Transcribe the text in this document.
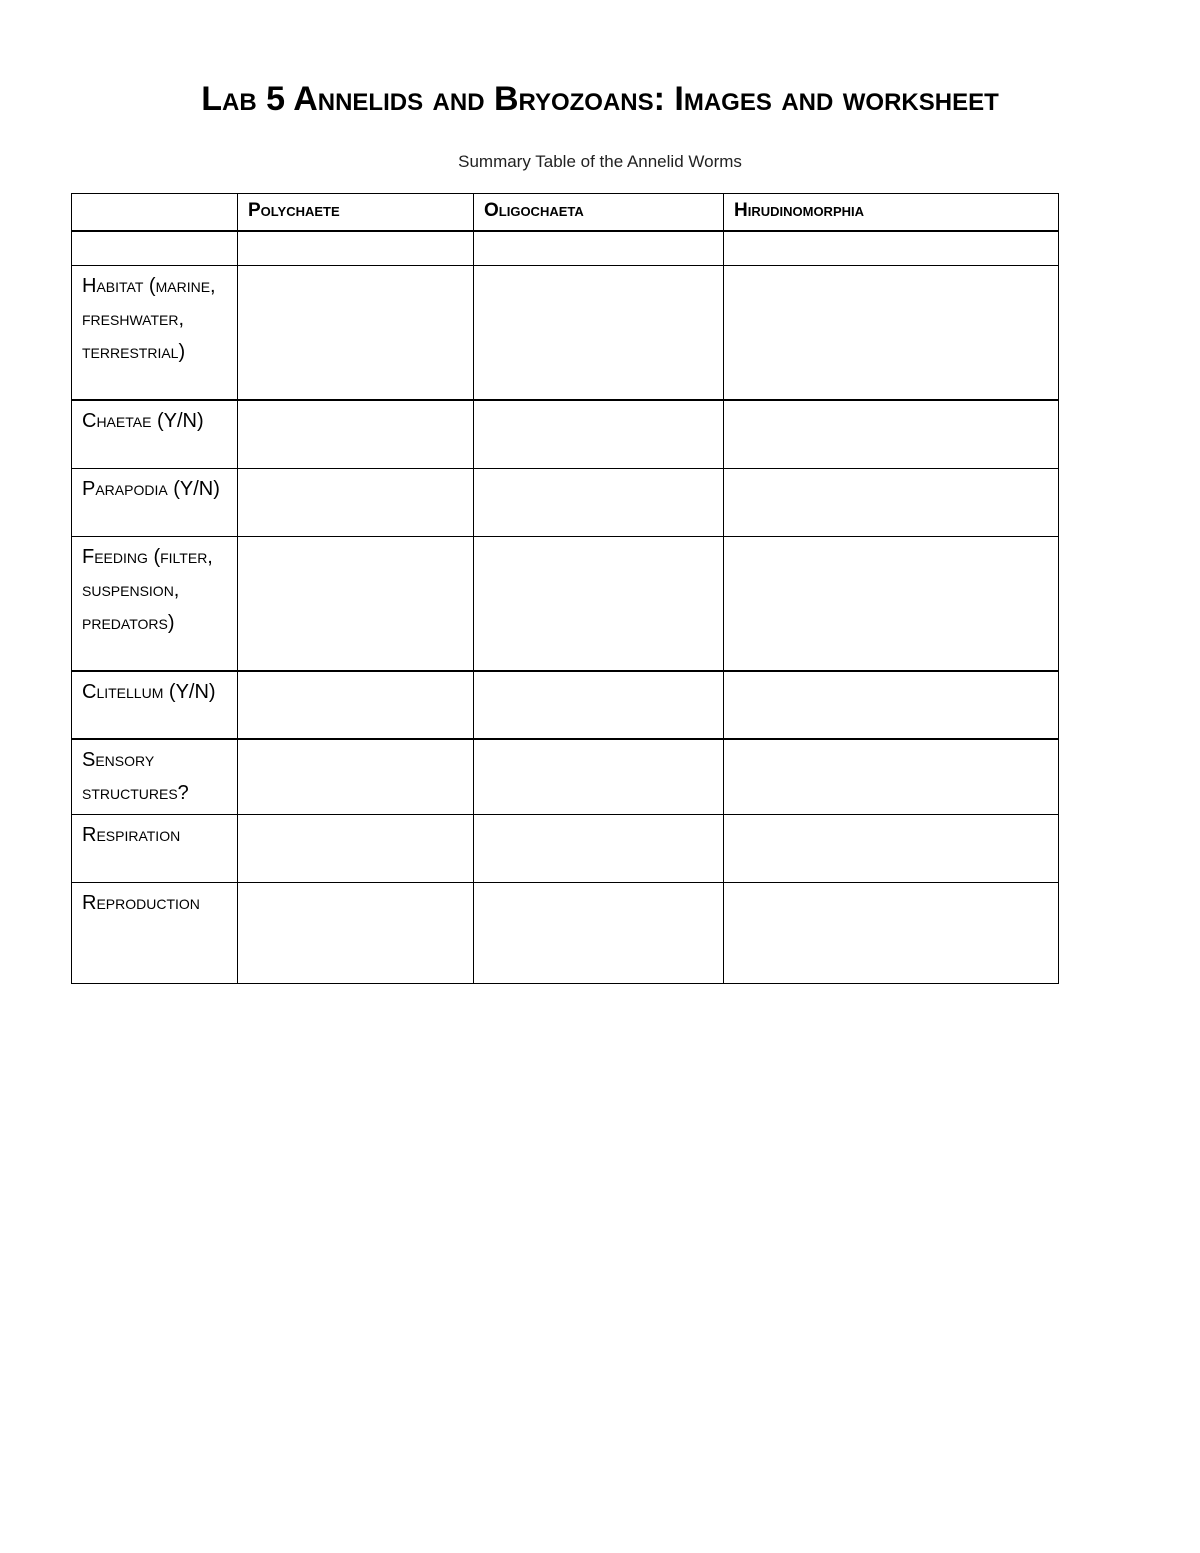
Lab 5 Annelids and Bryozoans: Images and worksheet
Summary Table of the Annelid Worms
	Polychaete	Oligochaeta	Hirudinomorphia

Habitat (marine, freshwater, terrestrial)			
Chaetae (Y/N)			
Parapodia (Y/N)			
Feeding (filter, suspension, predators)			
Clitellum (Y/N)			
Sensory structures?			
Respiration			
Reproduction			
